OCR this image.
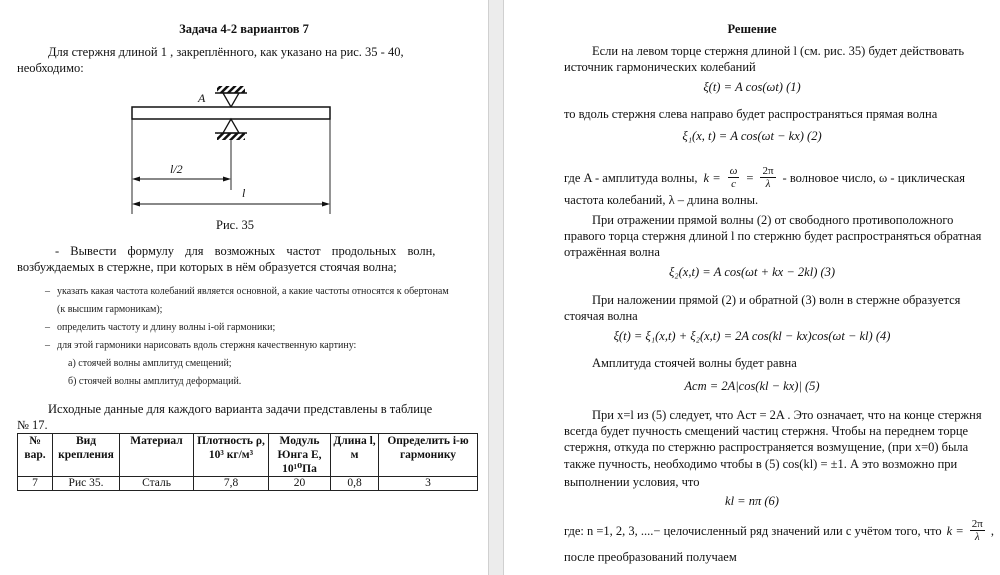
Задача 4-2 вариантов 7
Для стержня длиной 1 , закреплённого, как указано на рис. 35 - 40,
необходимо:
A
l/2
l
Рис. 35
- Вывести формулу для возможных частот продольных волн,
возбуждаемых в стержне, при которых в нём образуется стоячая волна;
– указать какая частота колебаний является основной, а какие частоты относятся к обертонам
(к высшим гармоникам);
– определить частоту и длину волны i-ой гармоники;
– для этой гармоники нарисовать вдоль стержня качественную картину:
а) стоячей волны амплитуд смещений;
б) стоячей волны амплитуд деформаций.
Исходные данные для каждого варианта задачи представлены в таблице
№ 17.
№ вар.	Вид крепления	Материал	Плотность ρ, 10³ кг/м³	Модуль Юнга E, 10¹⁰Па	Длина l, м	Определить i-ю гармонику
7	Рис 35.	Сталь	7,8	20	0,8	3
Решение
Если на левом торце стержня длиной l (см. рис. 35) будет действовать
источник гармонических колебаний
ξ(t) = A cos(ωt) (1)
то вдоль стержня слева направо будет распространяться прямая волна
ξ₁(x, t) = A cos(ωt − kx) (2)
где A - амплитуда волны, $k = \frac{\omega}{c} = \frac{2\pi}{\lambda}$ - волновое число, ω - циклическая
частота колебаний, λ – длина волны.
При отражении прямой волны (2) от свободного противоположного
правого торца стержня длиной l по стержню будет распространяться обратная
отражённая волна
ξ₂(x,t) = A cos(ωt + kx − 2kl) (3)
При наложении прямой (2) и обратной (3) волн в стержне образуется
стоячая волна
ξ(t) = ξ₁(x,t) + ξ₂(x,t) = 2A cos(kl − kx)cos(ωt − kl) (4)
Амплитуда стоячей волны будет равна
Aст = 2A|cos(kl − kx)| (5)
При x=l из (5) следует, что Aст = 2A . Это означает, что на конце стержня
всегда будет пучность смещений частиц стержня. Чтобы на переднем торце
стержня, откуда по стержню распространяется возмущение, (при x=0) была
также пучность, необходимо чтобы в (5) cos(kl) = ±1. А это возможно при
выполнении условия, что
kl = nπ (6)
где: n =1, 2, 3, ....− целочисленный ряд значений или с учётом того, что $k = \frac{2\pi}{\lambda}$ ,
после преобразований получаем
